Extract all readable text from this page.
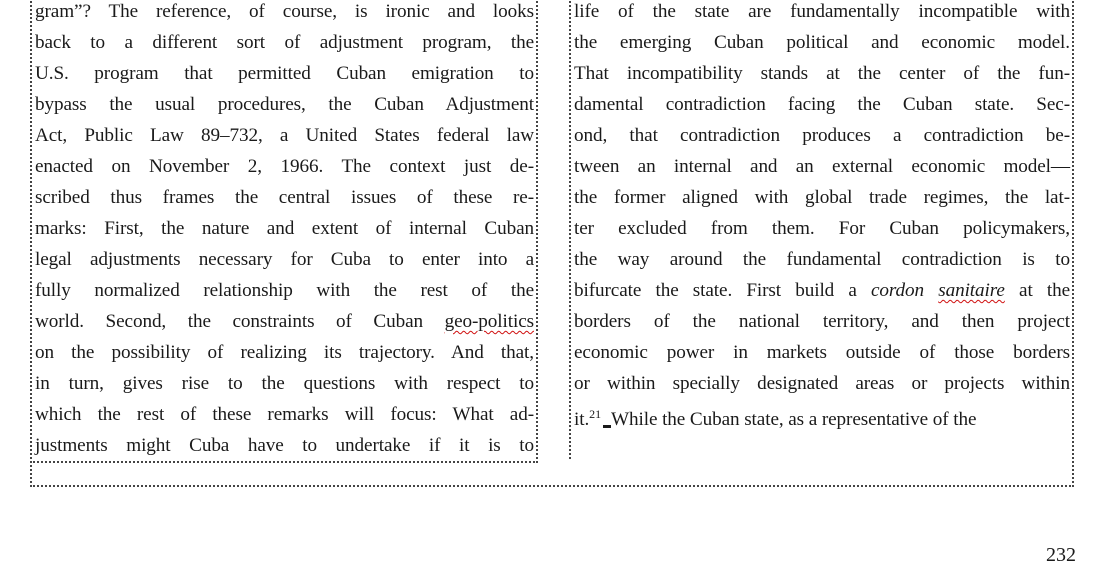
gram”? The reference, of course, is ironic and looks
back to a different sort of adjustment program, the
U.S. program that permitted Cuban emigration to
bypass the usual procedures, the Cuban Adjustment
Act, Public Law 89–732, a United States federal law
enacted on November 2, 1966. The context just de-
scribed thus frames the central issues of these re-
marks: First, the nature and extent of internal Cuban
legal adjustments necessary for Cuba to enter into a
fully normalized relationship with the rest of the
world. Second, the constraints of Cuban geo-politics
on the possibility of realizing its trajectory. And that,
in turn, gives rise to the questions with respect to
which the rest of these remarks will focus: What ad-
justments might Cuba have to undertake if it is to
life of the state are fundamentally incompatible with
the emerging Cuban political and economic model.
That incompatibility stands at the center of the fun-
damental contradiction facing the Cuban state. Sec-
ond, that contradiction produces a contradiction be-
tween an internal and an external economic model—
the former aligned with global trade regimes, the lat-
ter excluded from them. For Cuban policymakers,
the way around the fundamental contradiction is to
bifurcate the state. First build a cordon sanitaire at the
borders of the national territory, and then project
economic power in markets outside of those borders
or within specially designated areas or projects within
it.$^{21}$ While the Cuban state, as a representative of the
232
